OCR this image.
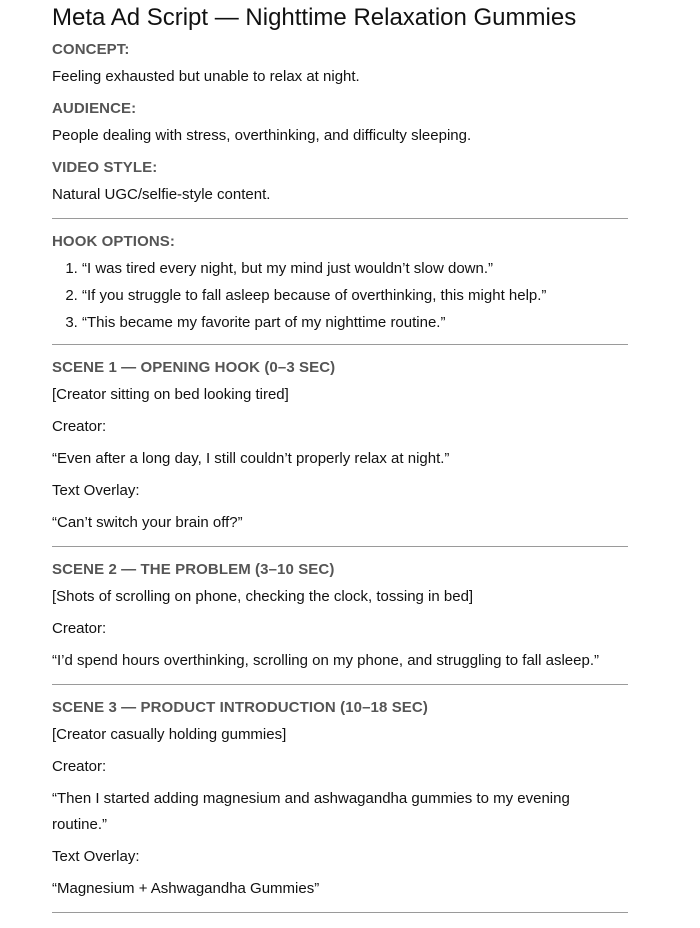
Meta Ad Script — Nighttime Relaxation Gummies
CONCEPT:
Feeling exhausted but unable to relax at night.
AUDIENCE:
People dealing with stress, overthinking, and difficulty sleeping.
VIDEO STYLE:
Natural UGC/selfie-style content.
HOOK OPTIONS:
1. “I was tired every night, but my mind just wouldn’t slow down.”
2. “If you struggle to fall asleep because of overthinking, this might help.”
3. “This became my favorite part of my nighttime routine.”
SCENE 1 — OPENING HOOK (0–3 SEC)
[Creator sitting on bed looking tired]
Creator:
“Even after a long day, I still couldn’t properly relax at night.”
Text Overlay:
“Can’t switch your brain off?”
SCENE 2 — THE PROBLEM (3–10 SEC)
[Shots of scrolling on phone, checking the clock, tossing in bed]
Creator:
“I’d spend hours overthinking, scrolling on my phone, and struggling to fall asleep.”
SCENE 3 — PRODUCT INTRODUCTION (10–18 SEC)
[Creator casually holding gummies]
Creator:
“Then I started adding magnesium and ashwagandha gummies to my evening routine.”
Text Overlay:
“Magnesium + Ashwagandha Gummies”
